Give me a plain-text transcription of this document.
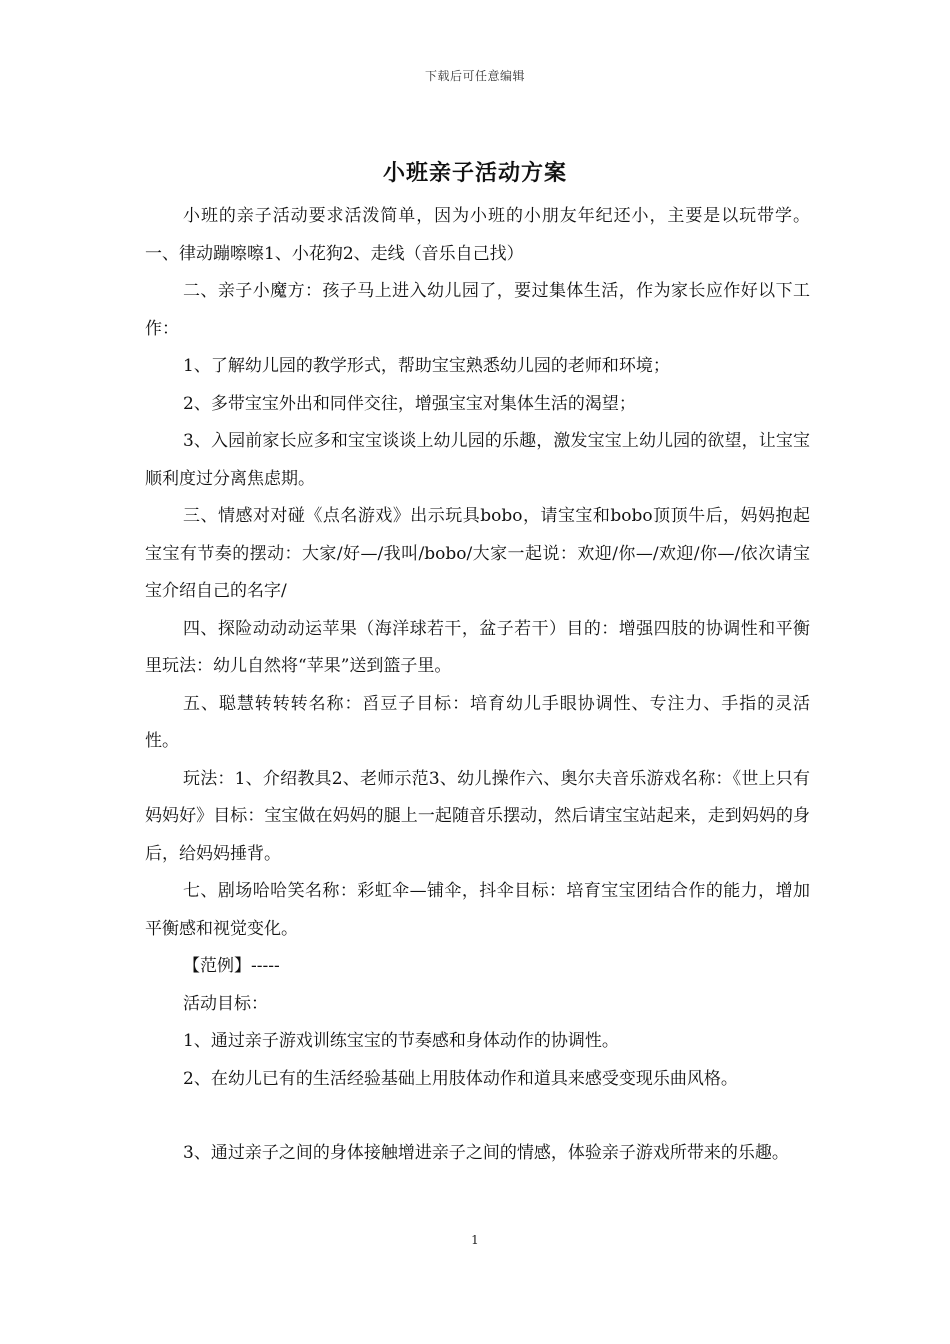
下载后可任意编辑
小班亲子活动方案

小班的亲子活动要求活泼简单，因为小班的小朋友年纪还小，主要是以玩带学。一、律动蹦嚓嚓1、小花狗2、走线（音乐自己找）

二、亲子小魔方：孩子马上进入幼儿园了，要过集体生活，作为家长应作好以下工作：

1、了解幼儿园的教学形式，帮助宝宝熟悉幼儿园的老师和环境；

2、多带宝宝外出和同伴交往，增强宝宝对集体生活的渴望；

3、入园前家长应多和宝宝谈谈上幼儿园的乐趣，激发宝宝上幼儿园的欲望，让宝宝顺利度过分离焦虑期。

三、情感对对碰《点名游戏》出示玩具bobo，请宝宝和bobo顶顶牛后，妈妈抱起宝宝有节奏的摆动：大家/好—/我叫/bobo/大家一起说：欢迎/你—/欢迎/你—/依次请宝宝介绍自己的名字/

四、探险动动动运苹果（海洋球若干，盆子若干）目的：增强四肢的协调性和平衡里玩法：幼儿自然将“苹果”送到篮子里。

五、聪慧转转转名称：舀豆子目标：培育幼儿手眼协调性、专注力、手指的灵活性。

玩法：1、介绍教具2、老师示范3、幼儿操作六、奥尔夫音乐游戏名称：《世上只有妈妈好》目标：宝宝做在妈妈的腿上一起随音乐摆动，然后请宝宝站起来，走到妈妈的身后，给妈妈捶背。

七、剧场哈哈笑名称：彩虹伞—铺伞，抖伞目标：培育宝宝团结合作的能力，增加平衡感和视觉变化。

【范例】-----

活动目标：

1、通过亲子游戏训练宝宝的节奏感和身体动作的协调性。

2、在幼儿已有的生活经验基础上用肢体动作和道具来感受变现乐曲风格。

3、通过亲子之间的身体接触增进亲子之间的情感，体验亲子游戏所带来的乐趣。

1
